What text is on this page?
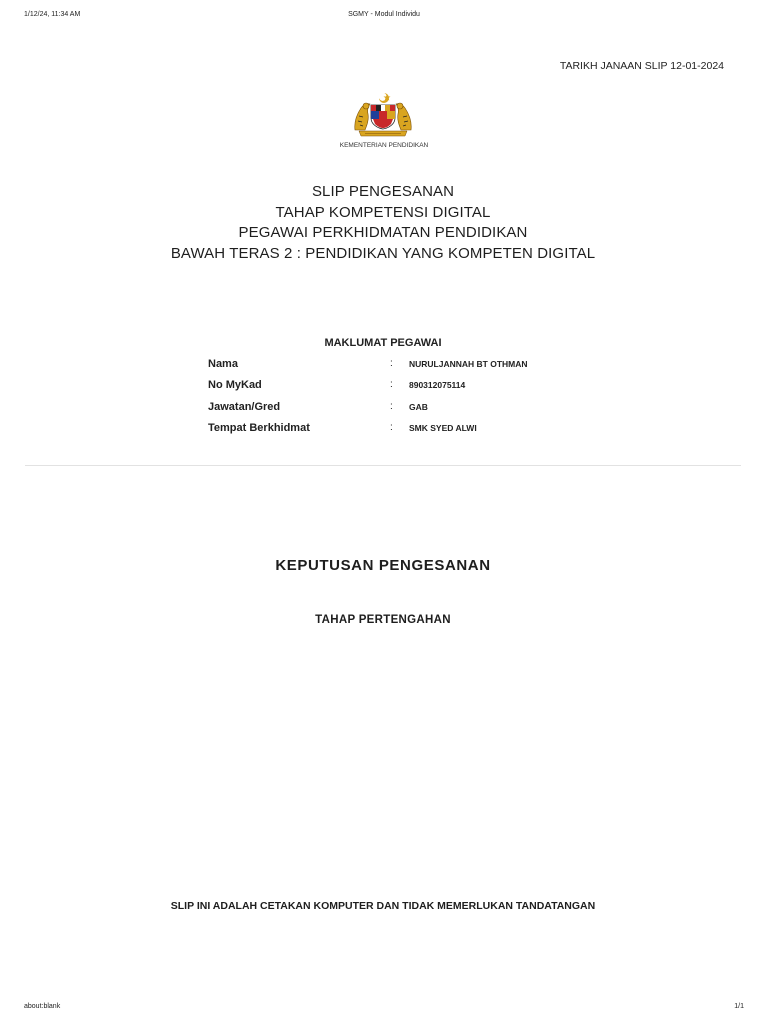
1/12/24, 11:34 AM	SGMY - Modul Individu
TARIKH JANAAN SLIP 12-01-2024
KEMENTERIAN PENDIDIKAN
SLIP PENGESANAN
TAHAP KOMPETENSI DIGITAL
PEGAWAI PERKHIDMATAN PENDIDIKAN
BAWAH TERAS 2 : PENDIDIKAN YANG KOMPETEN DIGITAL
MAKLUMAT PEGAWAI
Nama	: NURULJANNAH BT OTHMAN
No MyKad	: 890312075114
Jawatan/Gred	: GAB
Tempat Berkhidmat	: SMK SYED ALWI
KEPUTUSAN PENGESANAN
TAHAP PERTENGAHAN
SLIP INI ADALAH CETAKAN KOMPUTER DAN TIDAK MEMERLUKAN TANDATANGAN
about:blank	1/1
